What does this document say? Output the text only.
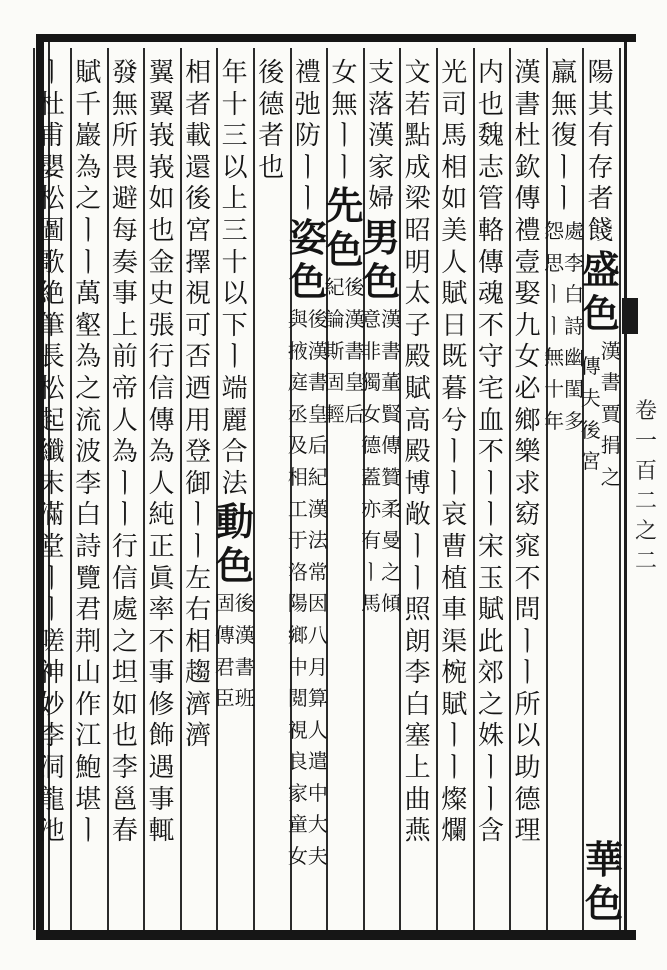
陽
其
有
存
者
餞
盛
色
傳
夫
後
宮
漢
書
賈
捐
之
羸
無
復
ㅣ
ㅣ
怨
思
ㅣ
ㅣ
無
十
年
處
李
白
詩
幽
閨
多
漢
書
杜
欽
傳
禮
壹
娶
九
女
必
鄉
樂
求
窈
窕
不
問
ㅣ
ㅣ
所
以
助
德
理
内
也
魏
志
管
輅
傳
魂
不
守
宅
血
不
ㅣ
ㅣ
宋
玉
賦
此
郊
之
姝
ㅣ
ㅣ
含
光
司
馬
相
如
美
人
賦
日
既
暮
兮
ㅣ
ㅣ
哀
曹
植
車
渠
椀
賦
ㅣ
ㅣ
燦
爛
文
若
點
成
梁
昭
明
太
子
殿
賦
高
殿
博
敞
ㅣ
ㅣ
照
朗
李
白
塞
上
曲
燕
支
落
漢
家
婦
男
色
意
非
獨
女
德
蓋
亦
有
ㅣ
馬
漢
書
董
賢
傳
贊
柔
曼
之
傾
女
無
ㅣ
ㅣ
先
色
紀
論
斯
固
輕
後
漢
書
皇
后
禮
弛
防
ㅣ
ㅣ
姿
色
與
掖
庭
丞
及
相
工
于
洛
陽
鄉
中
閲
視
良
家
童
女
後
漢
書
皇
后
紀
漢
法
常
因
八
月
算
人
遣
中
大
夫
後
德
者
也
年
十
三
以
上
三
十
以
下
ㅣ
端
麗
合
法
動
色
固
傳
君
臣
後
漢
書
班
相
者
載
還
後
宮
擇
視
可
否
迺
用
登
御
ㅣ
ㅣ
左
右
相
趨
濟
濟
翼
翼
峩
峩
如
也
金
史
張
行
信
傳
為
人
純
正
眞
率
不
事
修
飾
遇
事
輒
發
無
所
畏
避
每
奏
事
上
前
帝
人
為
ㅣ
ㅣ
行
信
處
之
坦
如
也
李
邕
春
賦
千
巖
為
之
ㅣ
ㅣ
萬
壑
為
之
流
波
李
白
詩
覽
君
荆
山
作
江
鮑
堪
ㅣ
ㅣ
杜
甫
嬰
松
圖
歌
絶
筆
長
松
起
纖
末
滿
堂
ㅣ
ㅣ
嗟
神
妙
李
洞
龍
池
華
色
卷
一
百
二
之
二
